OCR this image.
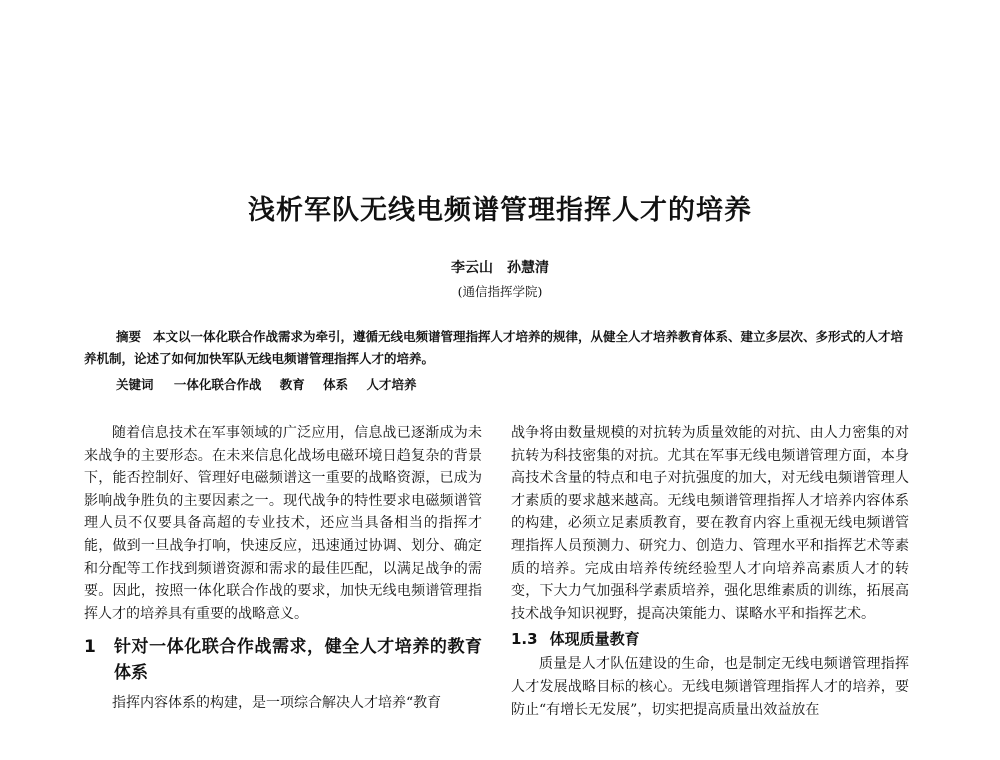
浅析军队无线电频谱管理指挥人才的培养
李云山　孙慧清
(通信指挥学院)
摘要 本文以一体化联合作战需求为牵引，遵循无线电频谱管理指挥人才培养的规律，从健全人才培养教育体系、建立多层次、多形式的人才培养机制，论述了如何加快军队无线电频谱管理指挥人才的培养。
关键词 一体化联合作战 教育 体系 人才培养

随着信息技术在军事领域的广泛应用，信息战已逐渐成为未来战争的主要形态。在未来信息化战场电磁环境日趋复杂的背景下，能否控制好、管理好电磁频谱这一重要的战略资源，已成为影响战争胜负的主要因素之一。现代战争的特性要求电磁频谱管理人员不仅要具备高超的专业技术，还应当具备相当的指挥才能，做到一旦战争打响，快速反应，迅速通过协调、划分、确定和分配等工作找到频谱资源和需求的最佳匹配，以满足战争的需要。因此，按照一体化联合作战的要求，加快无线电频谱管理指挥人才的培养具有重要的战略意义。

1 针对一体化联合作战需求，健全人才培养的教育体系

指挥内容体系的构建，是一项综合解决人才培养“教育

战争将由数量规模的对抗转为质量效能的对抗、由人力密集的对抗转为科技密集的对抗。尤其在军事无线电频谱管理方面，本身高技术含量的特点和电子对抗强度的加大，对无线电频谱管理人才素质的要求越来越高。无线电频谱管理指挥人才培养内容体系的构建，必须立足素质教育，要在教育内容上重视无线电频谱管理指挥人员预测力、研究力、创造力、管理水平和指挥艺术等素质的培养。完成由培养传统经验型人才向培养高素质人才的转变，下大力气加强科学素质培养，强化思维素质的训练，拓展高技术战争知识视野，提高决策能力、谋略水平和指挥艺术。

1.3 体现质量教育

质量是人才队伍建设的生命，也是制定无线电频谱管理指挥人才发展战略目标的核心。无线电频谱管理指挥人才的培养，要防止“有增长无发展”，切实把提高质量出效益放在
